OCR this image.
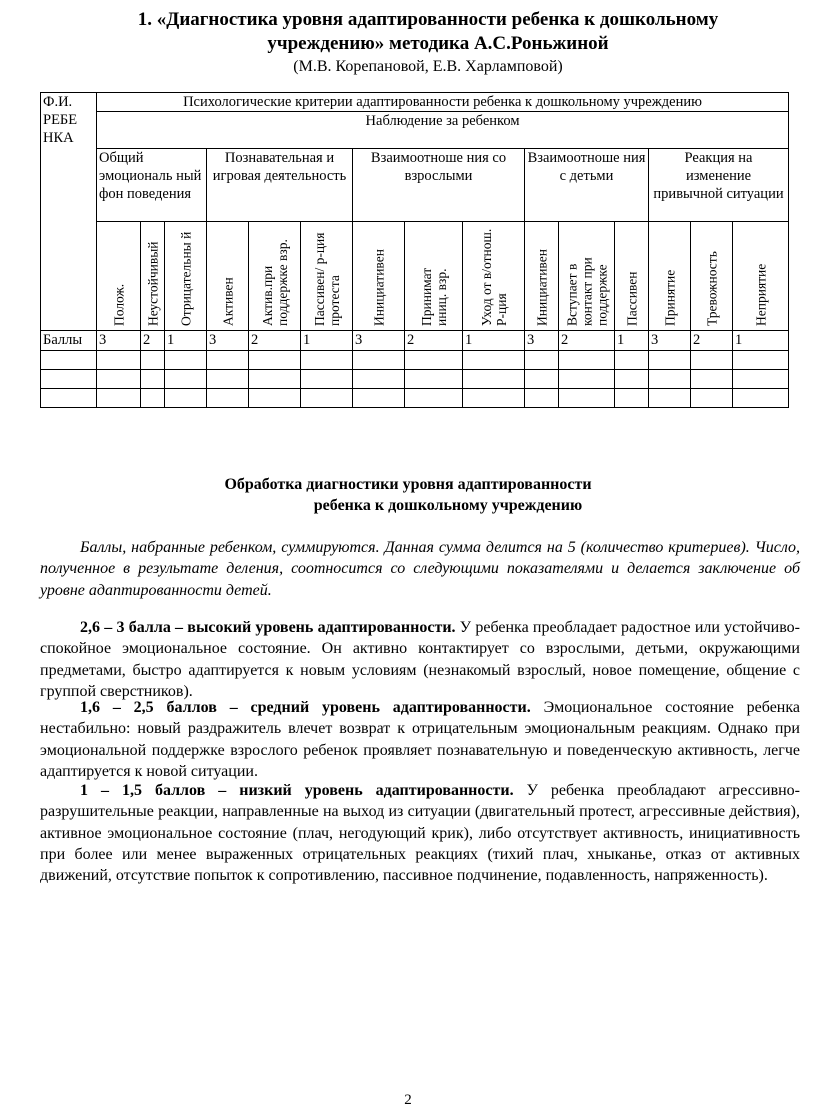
1. «Диагностика уровня адаптированности ребенка к дошкольному
учреждению» методика А.С.Роньжиной
(М.В. Корепановой, Е.В. Харламповой)
Ф.И. РЕБЕ НКА	Психологические критерии адаптированности ребенка к дошкольному учреждению														
	Наблюдение за ребенком														
	Общий эмоциональ ный фон поведения			Познавательная и игровая деятельность			Взаимоотноше ния со взрослыми			Взаимоотноше ния с детьми			Реакция на изменение привычной ситуации		

	Полож.	Неустойчивый	Отрицательны й	Активен	Актив.при поддержке взр.	Пассивен/ р-ция протеста	Инициативен	Принимат иниц. взр.	Уход от в/отнош. Р-ция	Инициативен	Вступает в контакт при поддержке	Пассивен	Принятие	Тревожность	Неприятие

Баллы	3	2	1	3	2	1	3	2	1	3	2	1	3	2	1

Обработка диагностики уровня адаптированности
ребенка к дошкольному учреждению
Баллы, набранные ребенком, суммируются. Данная сумма делится на 5 (количество критериев). Число, полученное в результате деления, соотносится со следующими показателями и делается заключение об уровне адаптированности детей.
2,6 – 3 балла – высокий уровень адаптированности. У ребенка преобладает радостное или устойчиво-спокойное эмоциональное состояние. Он активно контактирует со взрослыми, детьми, окружающими предметами, быстро адаптируется к новым условиям (незнакомый взрослый, новое помещение, общение с группой сверстников).
1,6 – 2,5 баллов – средний уровень адаптированности. Эмоциональное состояние ребенка нестабильно: новый раздражитель влечет возврат к отрицательным эмоциональным реакциям. Однако при эмоциональной поддержке взрослого ребенок проявляет познавательную и поведенческую активность, легче адаптируется к новой ситуации.
1 – 1,5 баллов – низкий уровень адаптированности. У ребенка преобладают агрессивно-разрушительные реакции, направленные на выход из ситуации (двигательный протест, агрессивные действия), активное эмоциональное состояние (плач, негодующий крик), либо отсутствует активность, инициативность при более или менее выраженных отрицательных реакциях (тихий плач, хныканье, отказ от активных движений, отсутствие попыток к сопротивлению, пассивное подчинение, подавленность, напряженность).
2
